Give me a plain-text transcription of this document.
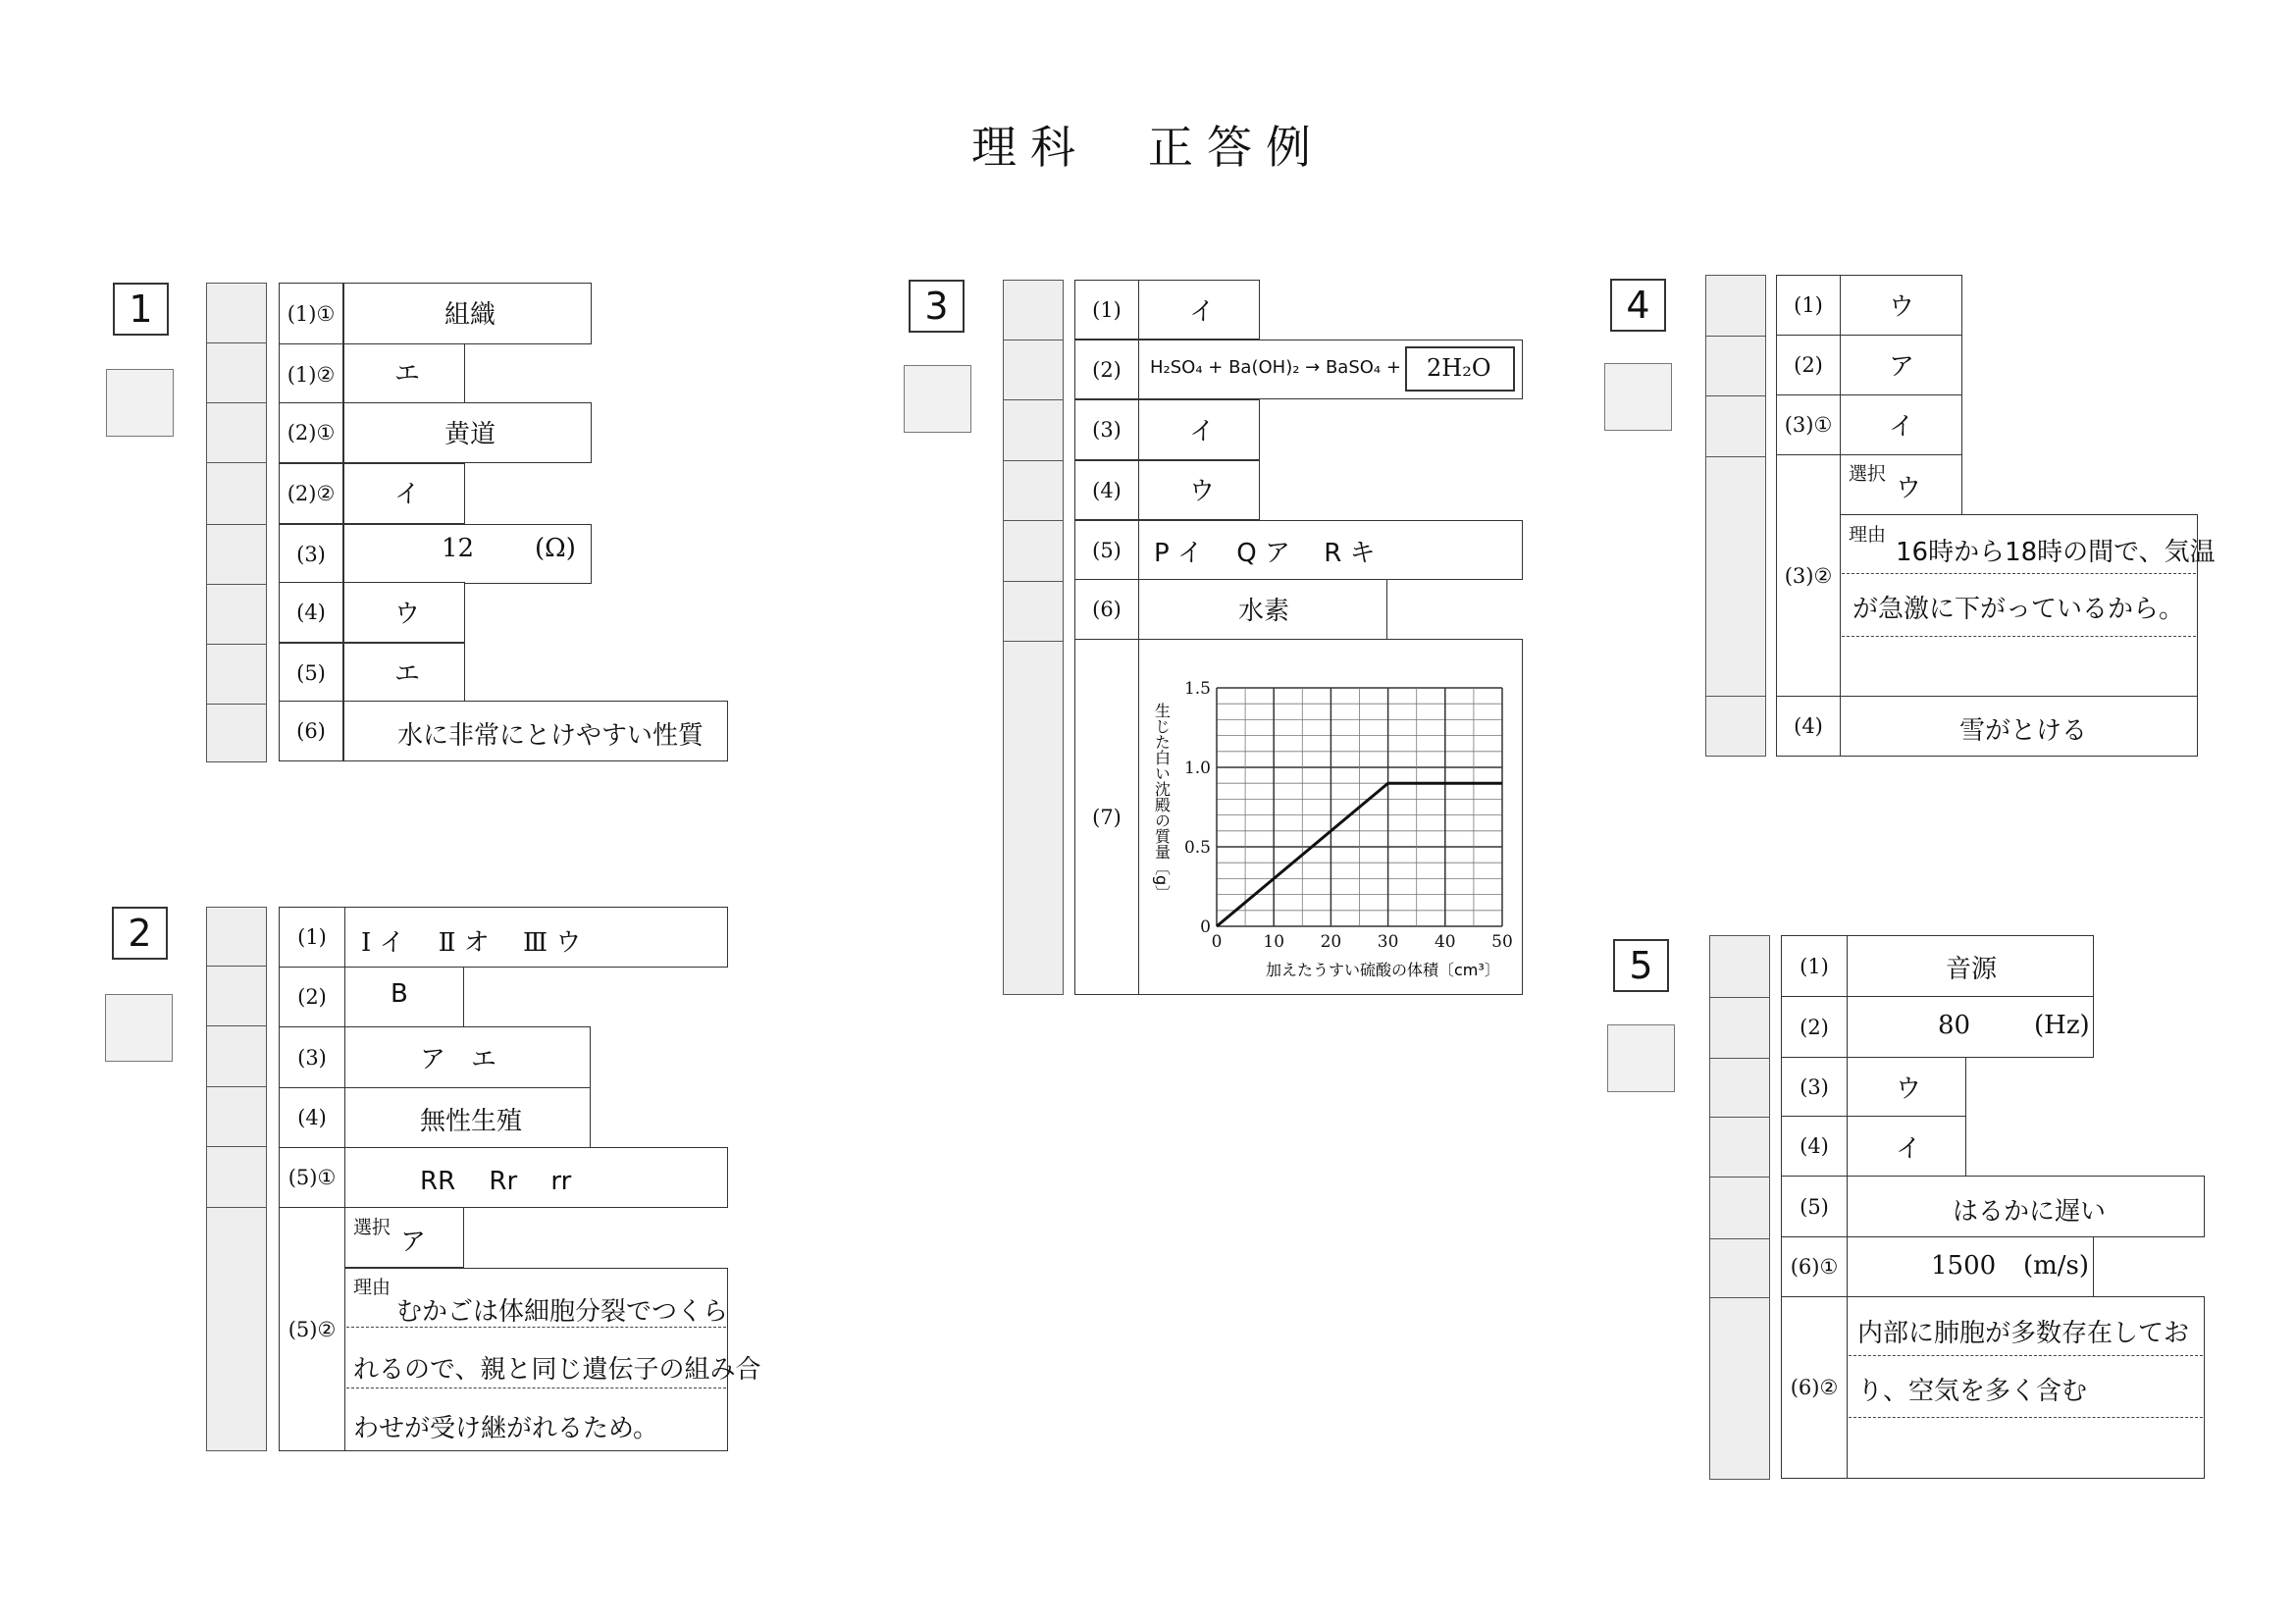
理科　正答例
1	(1)①	組織
(1)②	エ
(2)①	黄道
(2)②	イ
(3)	12 (Ω)
(4)	ウ
(5)	エ
(6)	水に非常にとけやすい性質
2	(1)	Ⅰ イ　 Ⅱ オ　 Ⅲ ウ
(2)	B
(3)	ア　エ
(4)	無性生殖
(5)①	RR　 Rr　 rr
(5)②
選択 ア
理由
むかごは体細胞分裂でつくら
れるので、親と同じ遺伝子の組み合
わせが受け継がれるため。
3	(1)	イ
(2)	H₂SO₄ + Ba(OH)₂ → BaSO₄ + 2H₂O
(3)	イ
(4)	ウ
(5)	P イ　 Q ア　 R キ
(6)	水素
(7)
0 10 20 30 40 50
0
0.5
1.0
1.5
加えたうすい硫酸の体積〔cm³〕
生じた白い沈殿の質量〔g〕
4	(1)	ウ
(2)	ア
(3)①	イ
(3)②
選択 ウ
理由
16時から18時の間で、気温
が急激に下がっているから。
(4)	雪がとける
5	(1)	音源
(2)	80 (Hz)
(3)	ウ
(4)	イ
(5)	はるかに遅い
(6)①	1500 (m/s)
(6)②
内部に肺胞が多数存在してお
り、空気を多く含む
